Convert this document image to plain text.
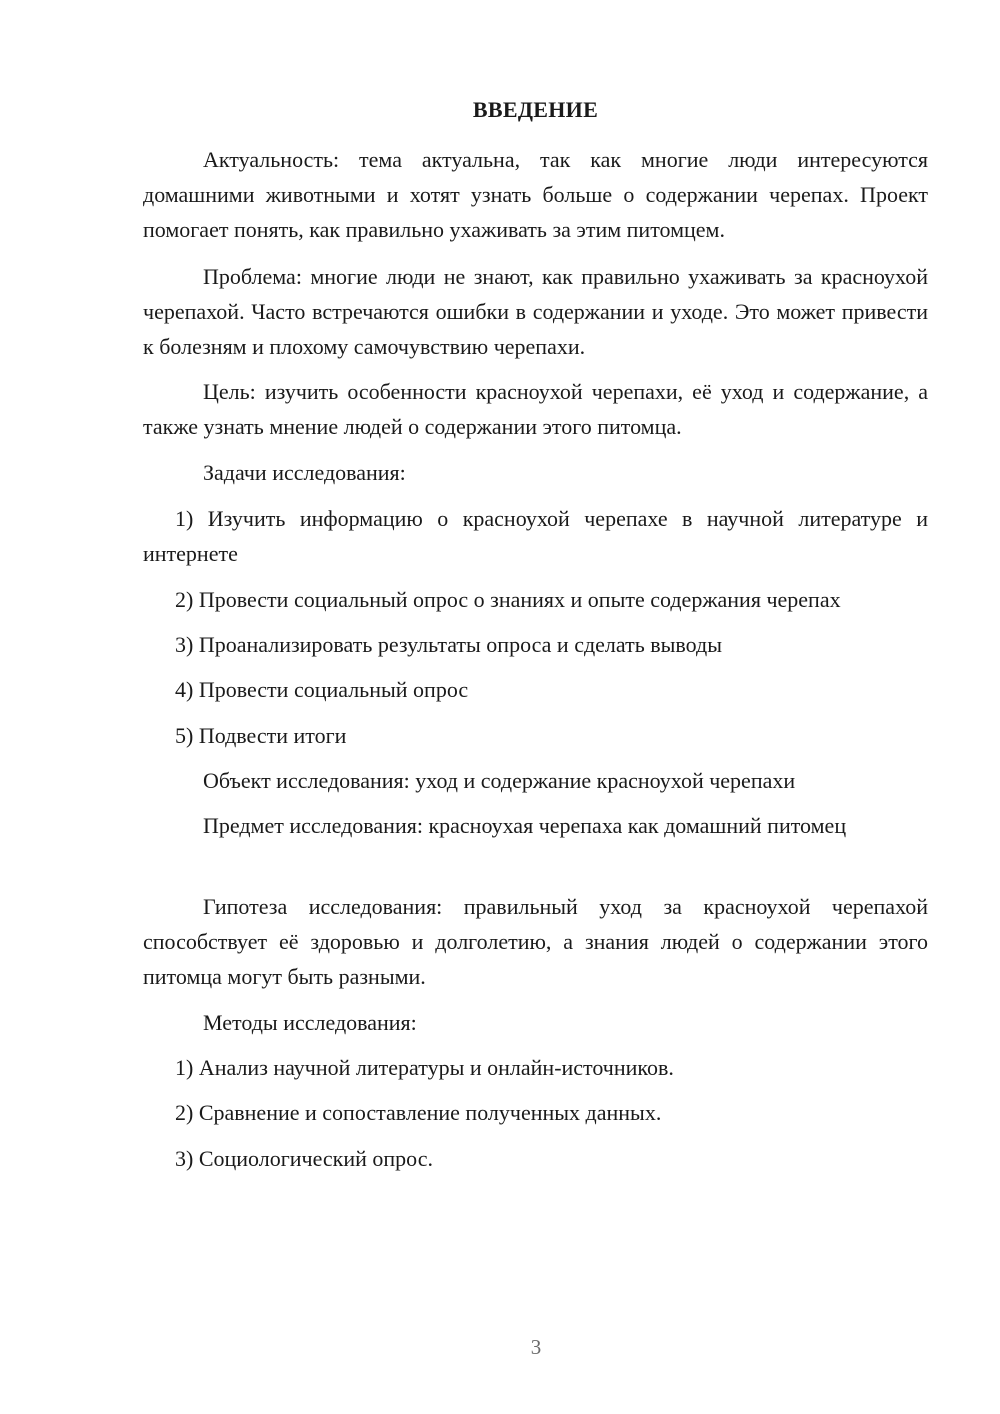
ВВЕДЕНИЕ

Актуальность: тема актуальна, так как многие люди интересуются домашними животными и хотят узнать больше о содержании черепах. Проект помогает понять, как правильно ухаживать за этим питомцем.

Проблема: многие люди не знают, как правильно ухаживать за красноухой черепахой. Часто встречаются ошибки в содержании и уходе. Это может привести к болезням и плохому самочувствию черепахи.

Цель: изучить особенности красноухой черепахи, её уход и содержание, а также узнать мнение людей о содержании этого питомца.

Задачи исследования:

1) Изучить информацию о красноухой черепахе в научной литературе и интернете

2) Провести социальный опрос о знаниях и опыте содержания черепах

3) Проанализировать результаты опроса и сделать выводы

4) Провести социальный опрос

5) Подвести итоги

Объект исследования: уход и содержание красноухой черепахи

Предмет исследования: красноухая черепаха как домашний питомец

Гипотеза исследования: правильный уход за красноухой черепахой способствует её здоровью и долголетию, а знания людей о содержании этого питомца могут быть разными.

Методы исследования:

1) Анализ научной литературы и онлайн-источников.

2) Сравнение и сопоставление полученных данных.

3) Социологический опрос.

3
